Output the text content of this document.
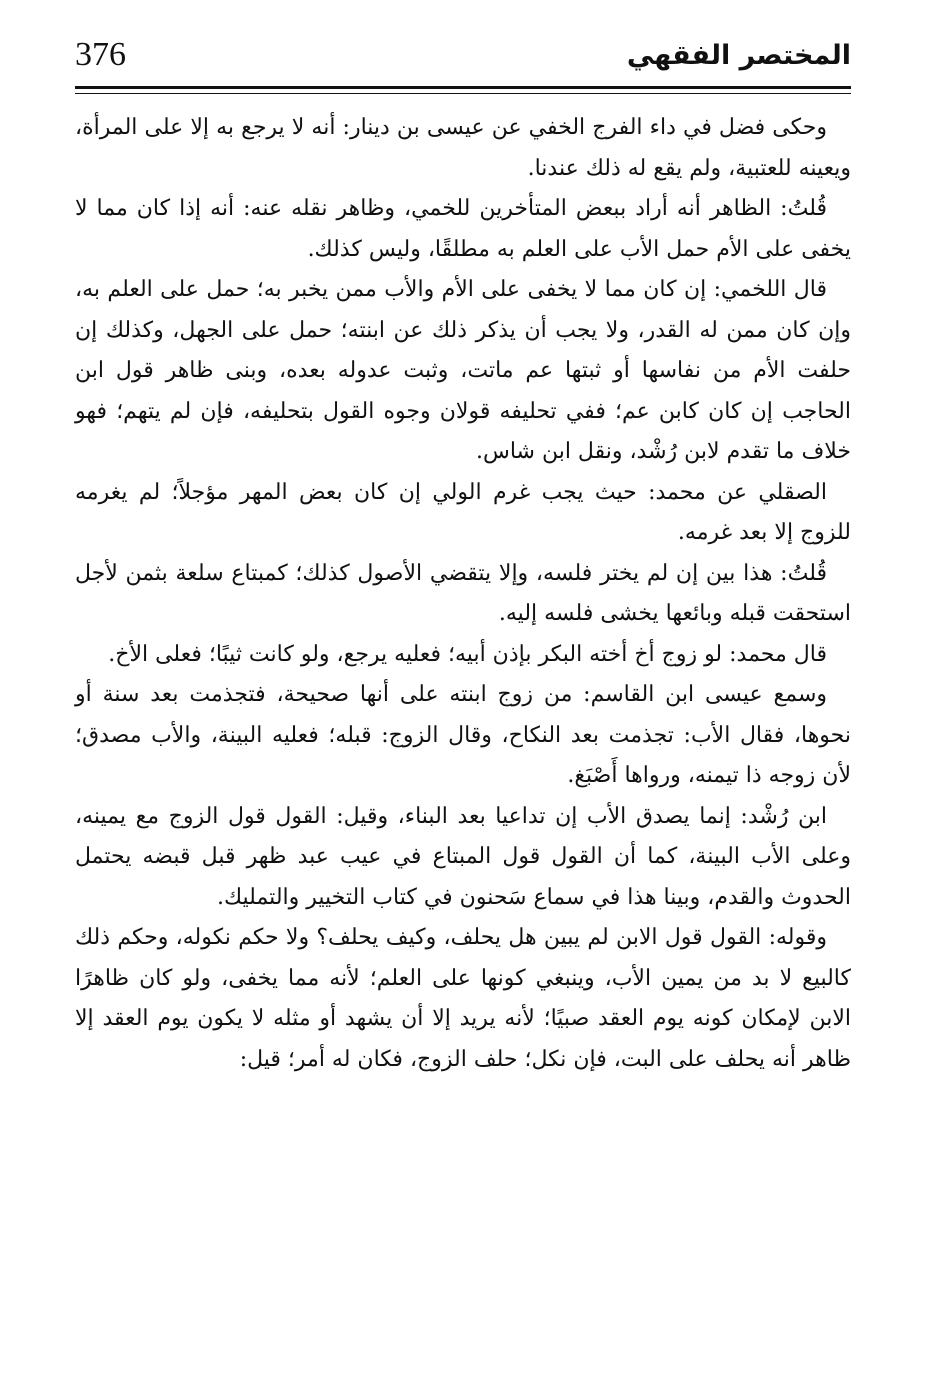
376	المختصر الفقهي

وحكى فضل في داء الفرج الخفي عن عيسى بن دينار: أنه لا يرجع به إلا على المرأة، ويعينه للعتبية، ولم يقع له ذلك عندنا.

قُلتُ: الظاهر أنه أراد ببعض المتأخرين للخمي، وظاهر نقله عنه: أنه إذا كان مما لا يخفى على الأم حمل الأب على العلم به مطلقًا، وليس كذلك.

قال اللخمي: إن كان مما لا يخفى على الأم والأب ممن يخبر به؛ حمل على العلم به، وإن كان ممن له القدر، ولا يجب أن يذكر ذلك عن ابنته؛ حمل على الجهل، وكذلك إن حلفت الأم من نفاسها أو ثبتها عم ماتت، وثبت عدوله بعده، وبنى ظاهر قول ابن الحاجب إن كان كابن عم؛ ففي تحليفه قولان وجوه القول بتحليفه، فإن لم يتهم؛ فهو خلاف ما تقدم لابن رُشْد، ونقل ابن شاس.

الصقلي عن محمد: حيث يجب غرم الولي إن كان بعض المهر مؤجلاً؛ لم يغرمه للزوج إلا بعد غرمه.

قُلتُ: هذا بين إن لم يختر فلسه، وإلا يتقضي الأصول كذلك؛ كمبتاع سلعة بثمن لأجل استحقت قبله وبائعها يخشى فلسه إليه.

قال محمد: لو زوج أخ أخته البكر بإذن أبيه؛ فعليه يرجع، ولو كانت ثيبًا؛ فعلى الأخ.

وسمع عيسى ابن القاسم: من زوج ابنته على أنها صحيحة، فتجذمت بعد سنة أو نحوها، فقال الأب: تجذمت بعد النكاح، وقال الزوج: قبله؛ فعليه البينة، والأب مصدق؛ لأن زوجه ذا تيمنه، ورواها أَصْبَغ.

ابن رُشْد: إنما يصدق الأب إن تداعيا بعد البناء، وقيل: القول قول الزوج مع يمينه، وعلى الأب البينة، كما أن القول قول المبتاع في عيب عبد ظهر قبل قبضه يحتمل الحدوث والقدم، وبينا هذا في سماع سَحنون في كتاب التخيير والتمليك.

وقوله: القول قول الابن لم يبين هل يحلف، وكيف يحلف؟ ولا حكم نكوله، وحكم ذلك كالبيع لا بد من يمين الأب، وينبغي كونها على العلم؛ لأنه مما يخفى، ولو كان ظاهرًا الابن لإمكان كونه يوم العقد صبيًا؛ لأنه يريد إلا أن يشهد أو مثله لا يكون يوم العقد إلا ظاهر أنه يحلف على البت، فإن نكل؛ حلف الزوج، فكان له أمر؛ قيل:
